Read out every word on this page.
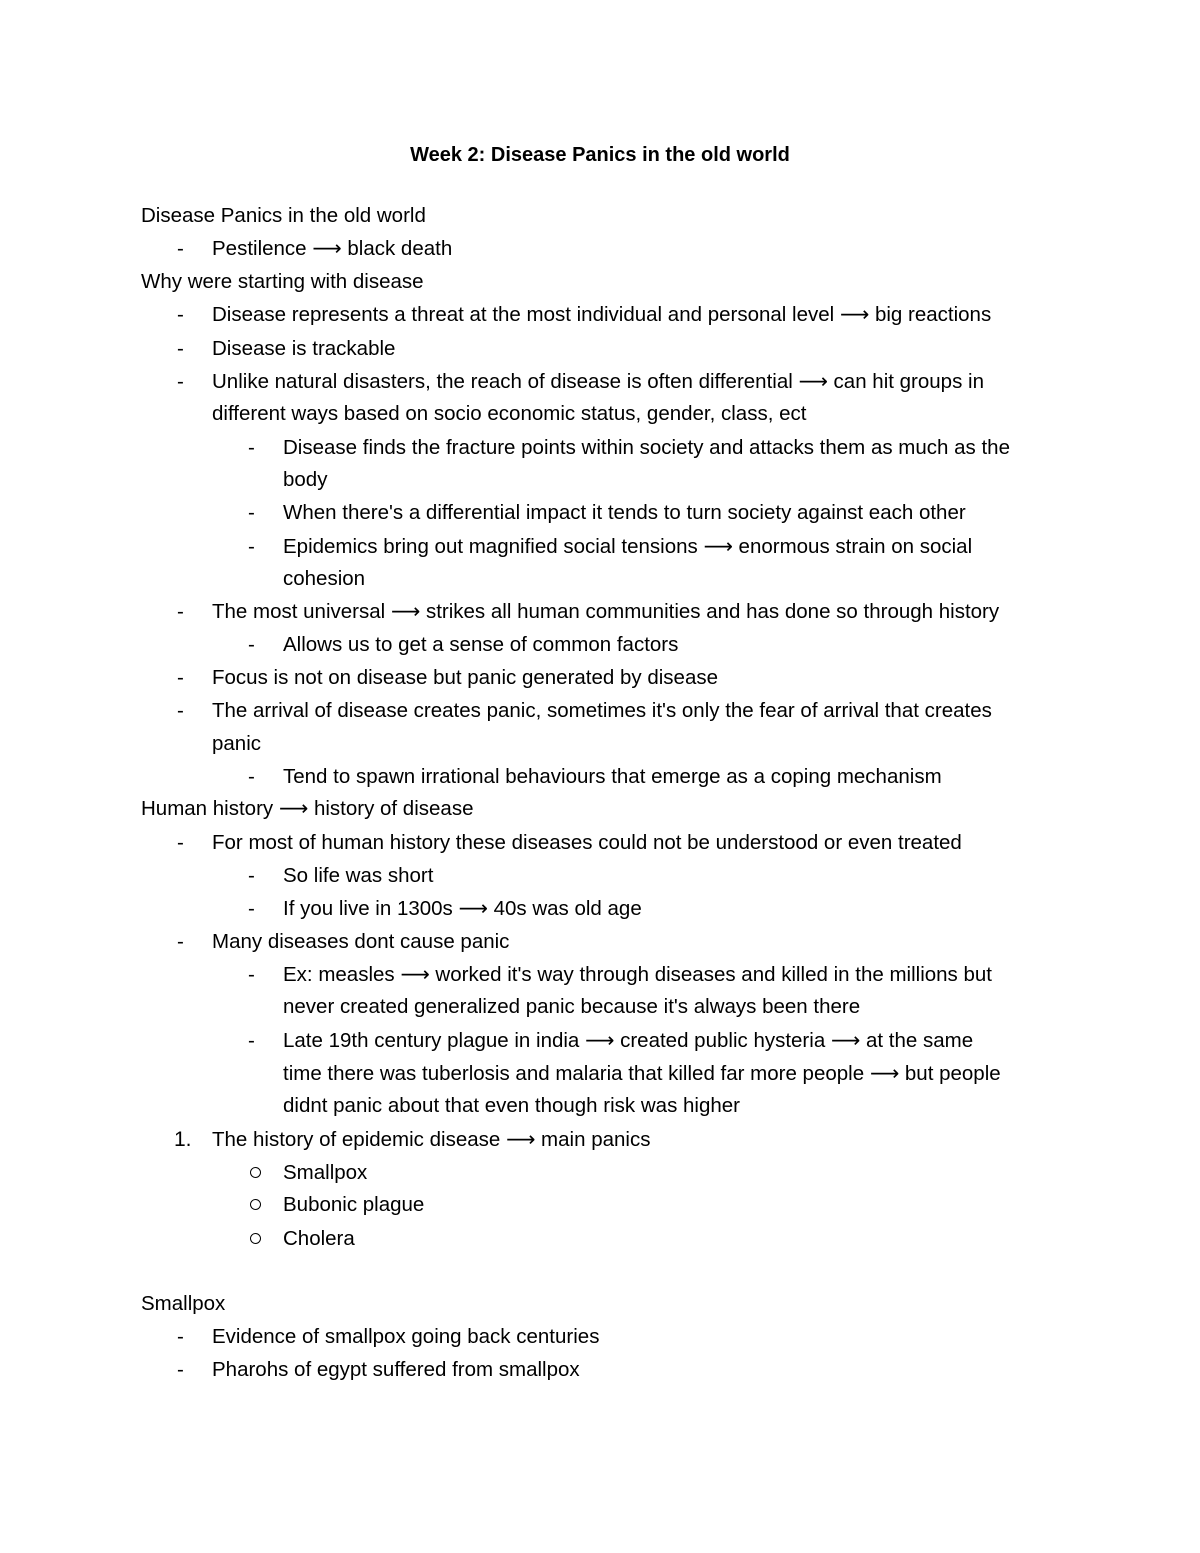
Week 2: Disease Panics in the old world
Disease Panics in the old world
-	Pestilence ⟶ black death
Why were starting with disease
-	Disease represents a threat at the most individual and personal level ⟶ big reactions
-	Disease is trackable
-	Unlike natural disasters, the reach of disease is often differential ⟶ can hit groups in
different ways based on socio economic status, gender, class, ect
-	Disease finds the fracture points within society and attacks them as much as the
body
-	When there's a differential impact it tends to turn society against each other
-	Epidemics bring out magnified social tensions ⟶ enormous strain on social
cohesion
-	The most universal ⟶ strikes all human communities and has done so through history
-	Allows us to get a sense of common factors
-	Focus is not on disease but panic generated by disease
-	The arrival of disease creates panic, sometimes it's only the fear of arrival that creates
panic
-	Tend to spawn irrational behaviours that emerge as a coping mechanism
Human history ⟶ history of disease
-	For most of human history these diseases could not be understood or even treated
-	So life was short
-	If you live in 1300s ⟶ 40s was old age
-	Many diseases dont cause panic
-	Ex: measles ⟶ worked it's way through diseases and killed in the millions but
never created generalized panic because it's always been there
-	Late 19th century plague in india ⟶ created public hysteria ⟶ at the same
time there was tuberlosis and malaria that killed far more people ⟶ but people
didnt panic about that even though risk was higher
1. The history of epidemic disease ⟶ main panics
Smallpox
Bubonic plague
Cholera
Smallpox
-	Evidence of smallpox going back centuries
-	Pharohs of egypt suffered from smallpox
